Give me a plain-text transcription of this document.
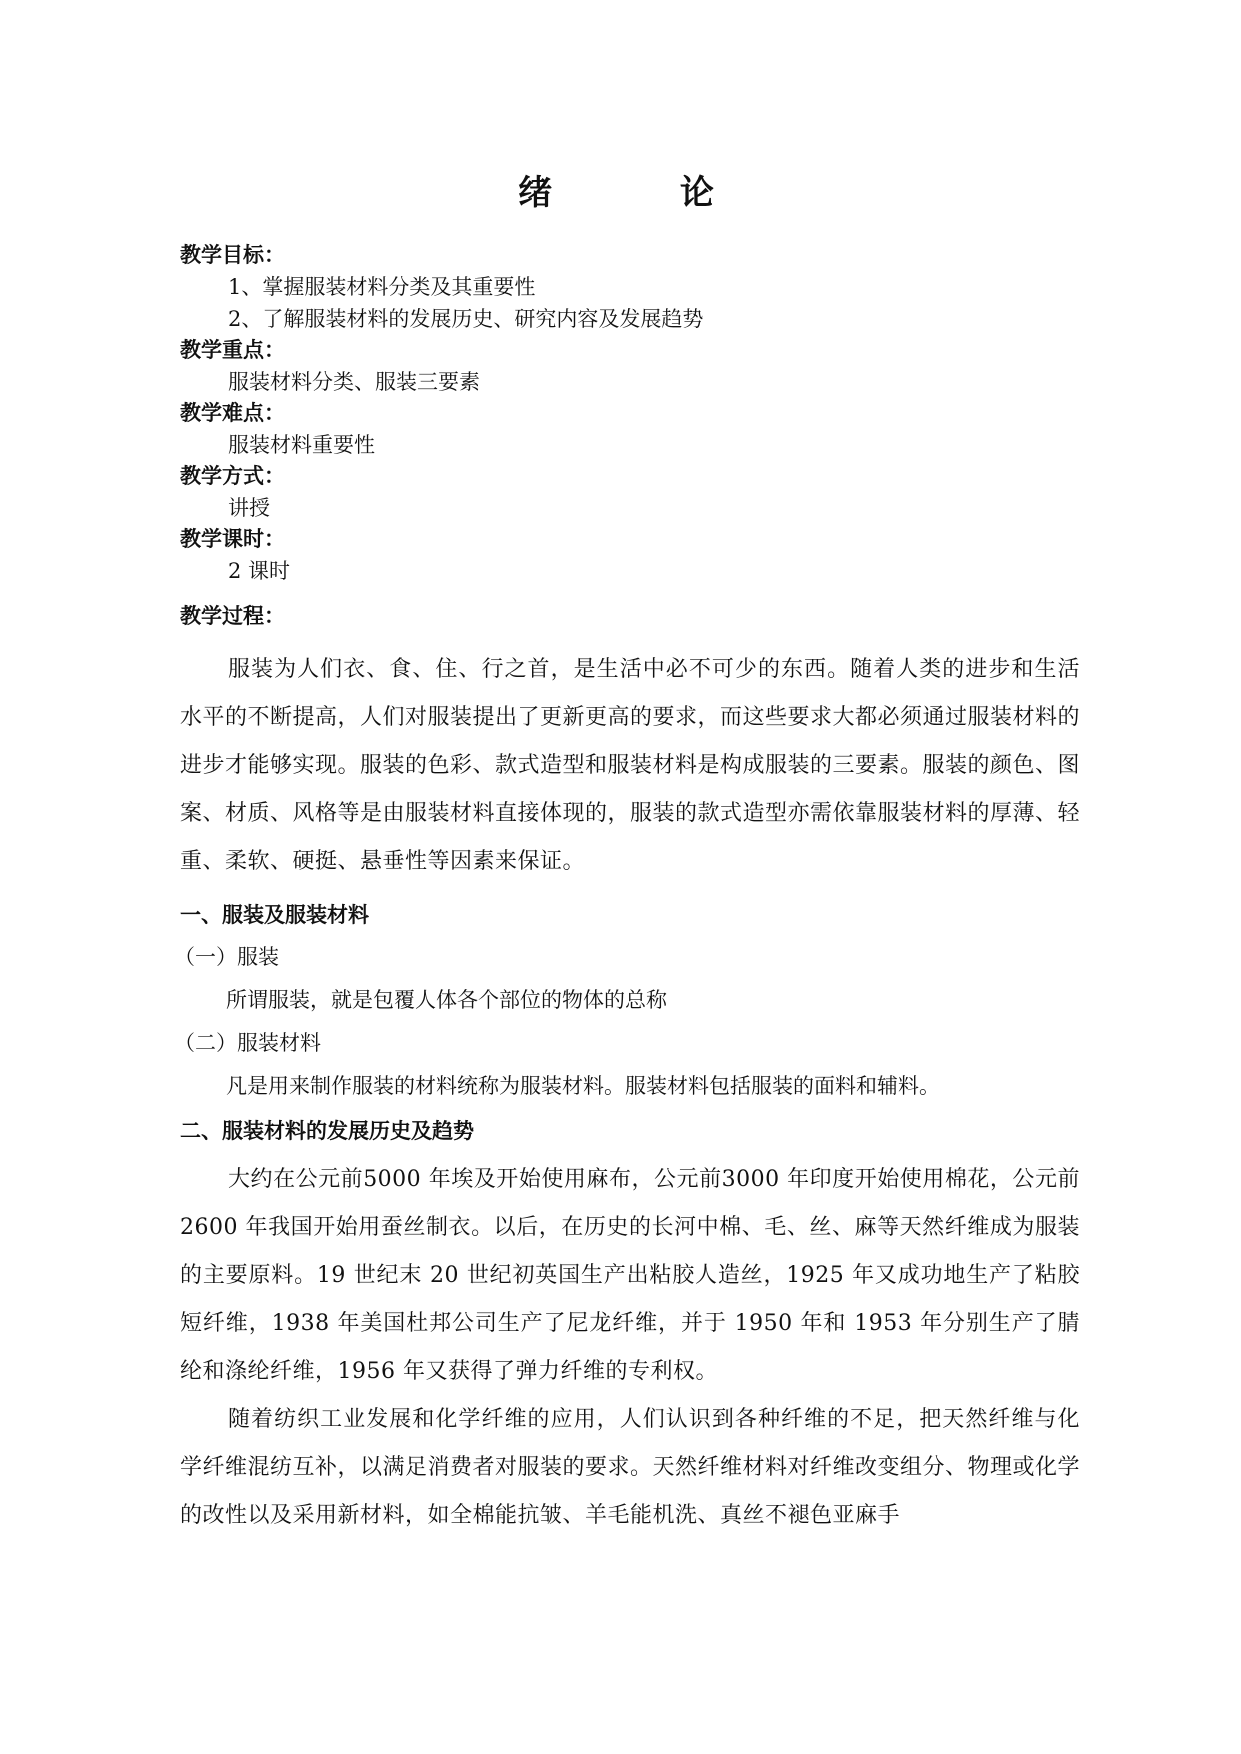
绪 论

教学目标：

1、掌握服装材料分类及其重要性

2、了解服装材料的发展历史、研究内容及发展趋势

教学重点：

服装材料分类、服装三要素

教学难点：

服装材料重要性

教学方式：

讲授

教学课时：

2 课时

教学过程：

服装为人们衣、食、住、行之首，是生活中必不可少的东西。随着人类的进步和生活水平的不断提高，人们对服装提出了更新更高的要求，而这些要求大都必须通过服装材料的进步才能够实现。服装的色彩、款式造型和服装材料是构成服装的三要素。服装的颜色、图案、材质、风格等是由服装材料直接体现的，服装的款式造型亦需依靠服装材料的厚薄、轻重、柔软、硬挺、悬垂性等因素来保证。

一、服装及服装材料

（一）服装

所谓服装，就是包覆人体各个部位的物体的总称

（二）服装材料

凡是用来制作服装的材料统称为服装材料。服装材料包括服装的面料和辅料。

二、服装材料的发展历史及趋势

大约在公元前5000 年埃及开始使用麻布，公元前3000 年印度开始使用棉花，公元前 2600 年我国开始用蚕丝制衣。以后，在历史的长河中棉、毛、丝、麻等天然纤维成为服装的主要原料。19 世纪末 20 世纪初英国生产出粘胶人造丝，1925 年又成功地生产了粘胶短纤维，1938 年美国杜邦公司生产了尼龙纤维，并于 1950 年和 1953 年分别生产了腈纶和涤纶纤维，1956 年又获得了弹力纤维的专利权。

随着纺织工业发展和化学纤维的应用，人们认识到各种纤维的不足，把天然纤维与化学纤维混纺互补，以满足消费者对服装的要求。天然纤维材料对纤维改变组分、物理或化学的改性以及采用新材料，如全棉能抗皱、羊毛能机洗、真丝不褪色亚麻手
